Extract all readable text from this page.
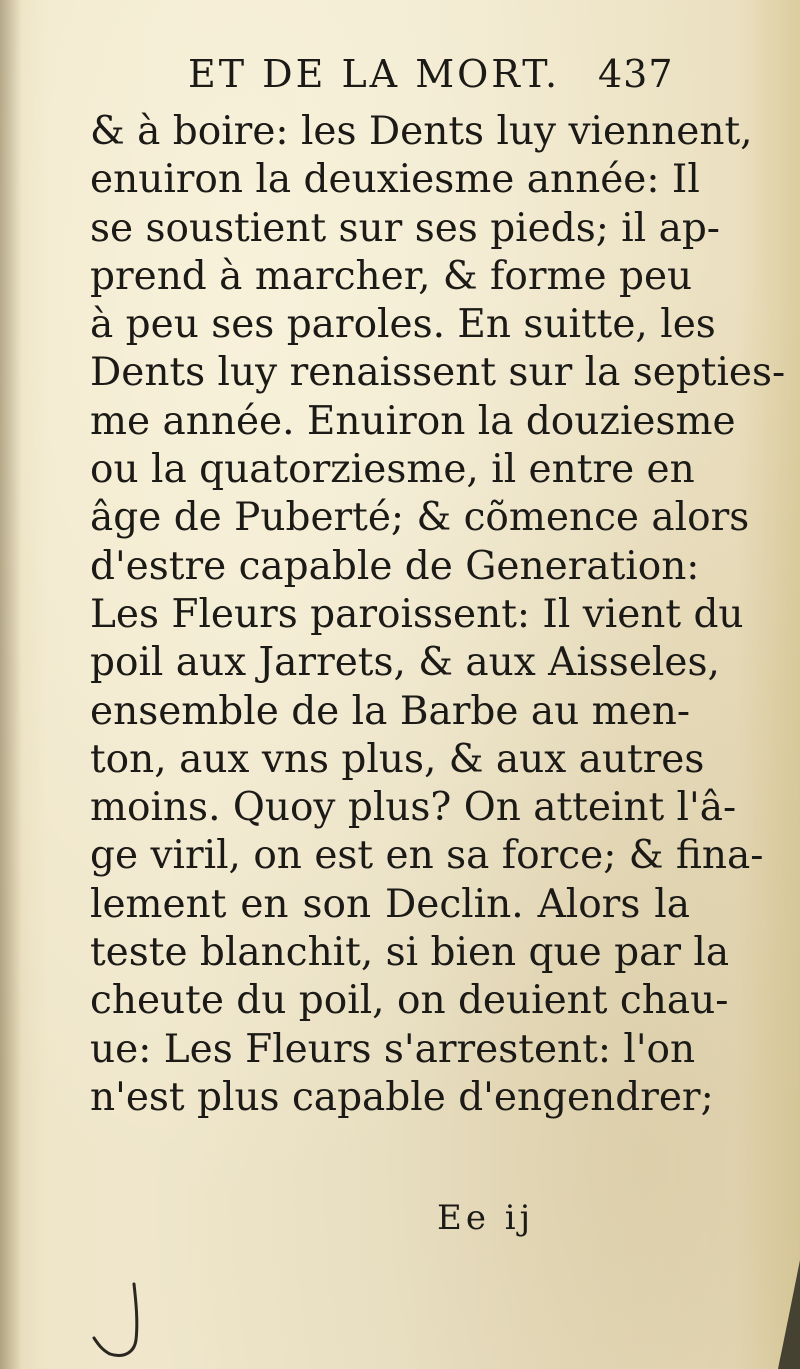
ET DE LA MORT. 437
& à boire: les Dents luy viennent,
enuiron la deuxiesme année: Il
se soustient sur ses pieds; il ap-
prend à marcher, & forme peu
à peu ses paroles. En suitte, les
Dents luy renaissent sur la septies-
me année. Enuiron la douziesme
ou la quatorziesme, il entre en
âge de Puberté; & cõmence alors
d'estre capable de Generation:
Les Fleurs paroissent: Il vient du
poil aux Jarrets, & aux Aisseles,
ensemble de la Barbe au men-
ton, aux vns plus, & aux autres
moins. Quoy plus? On atteint l'â-
ge viril, on est en sa force; & fina-
lement en son Declin. Alors la
teste blanchit, si bien que par la
cheute du poil, on deuient chau-
ue: Les Fleurs s'arrestent: l'on
n'est plus capable d'engendrer;
Ee ij
